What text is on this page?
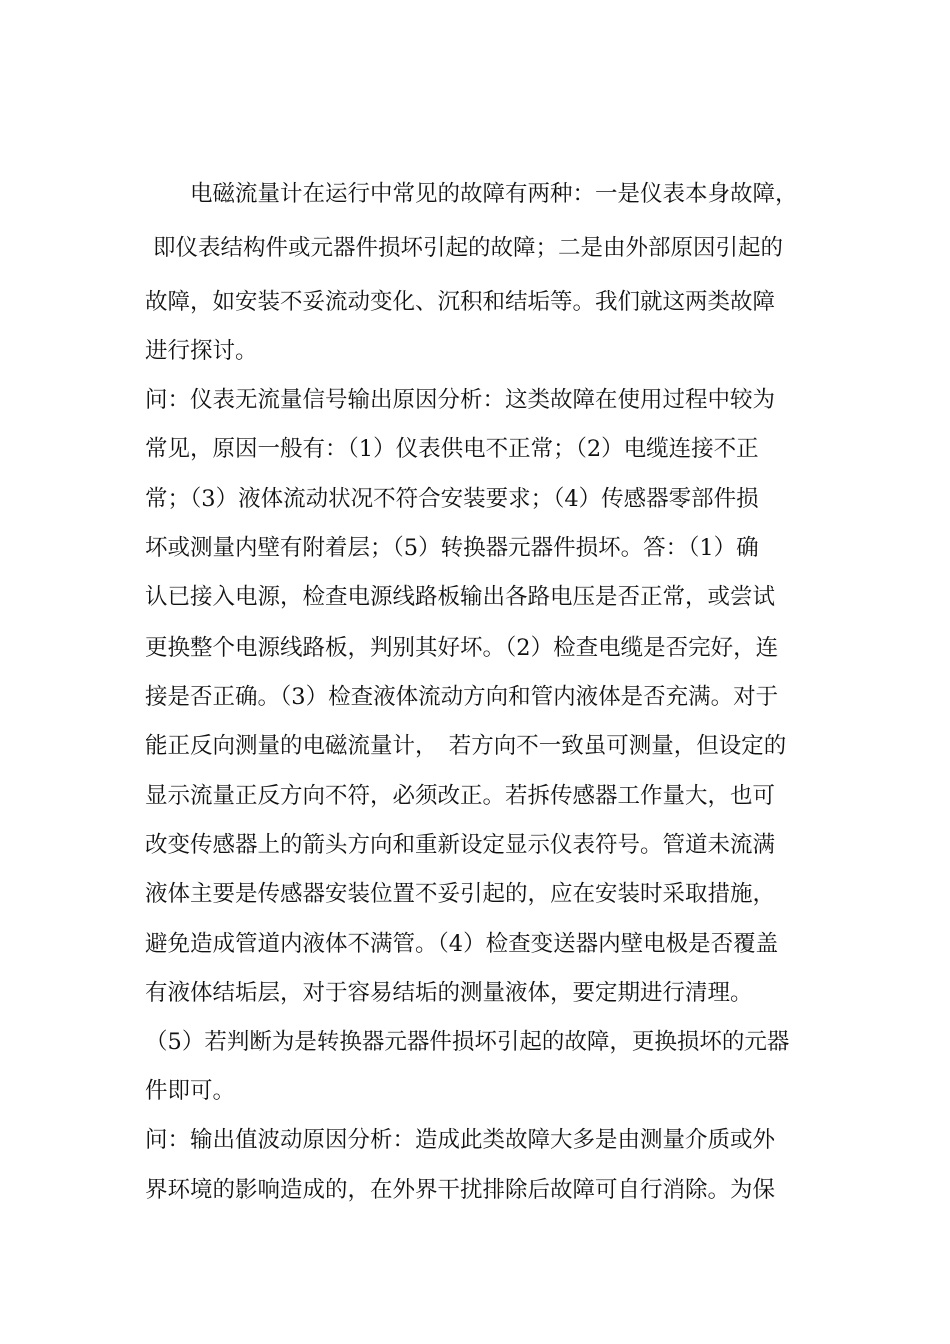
　　电磁流量计在运行中常见的故障有两种：一是仪表本身故障，
即仪表结构件或元器件损坏引起的故障；二是由外部原因引起的
故障，如安装不妥流动变化、沉积和结垢等。我们就这两类故障
进行探讨。
问：仪表无流量信号输出原因分析：这类故障在使用过程中较为
常见，原因一般有：（1）仪表供电不正常；（2）电缆连接不正
常；（3）液体流动状况不符合安装要求；（4）传感器零部件损
坏或测量内壁有附着层；（5）转换器元器件损坏。答：（1）确
认已接入电源，检查电源线路板输出各路电压是否正常，或尝试
更换整个电源线路板，判别其好坏。（2）检查电缆是否完好，连
接是否正确。（3）检查液体流动方向和管内液体是否充满。对于
能正反向测量的电磁流量计，　若方向不一致虽可测量，但设定的
显示流量正反方向不符，必须改正。若拆传感器工作量大，也可
改变传感器上的箭头方向和重新设定显示仪表符号。管道未流满
液体主要是传感器安装位置不妥引起的，应在安装时采取措施，
避免造成管道内液体不满管。（4）检查变送器内壁电极是否覆盖
有液体结垢层，对于容易结垢的测量液体，要定期进行清理。
（5）若判断为是转换器元器件损坏引起的故障，更换损坏的元器
件即可。
问：输出值波动原因分析：造成此类故障大多是由测量介质或外
界环境的影响造成的，在外界干扰排除后故障可自行消除。为保
